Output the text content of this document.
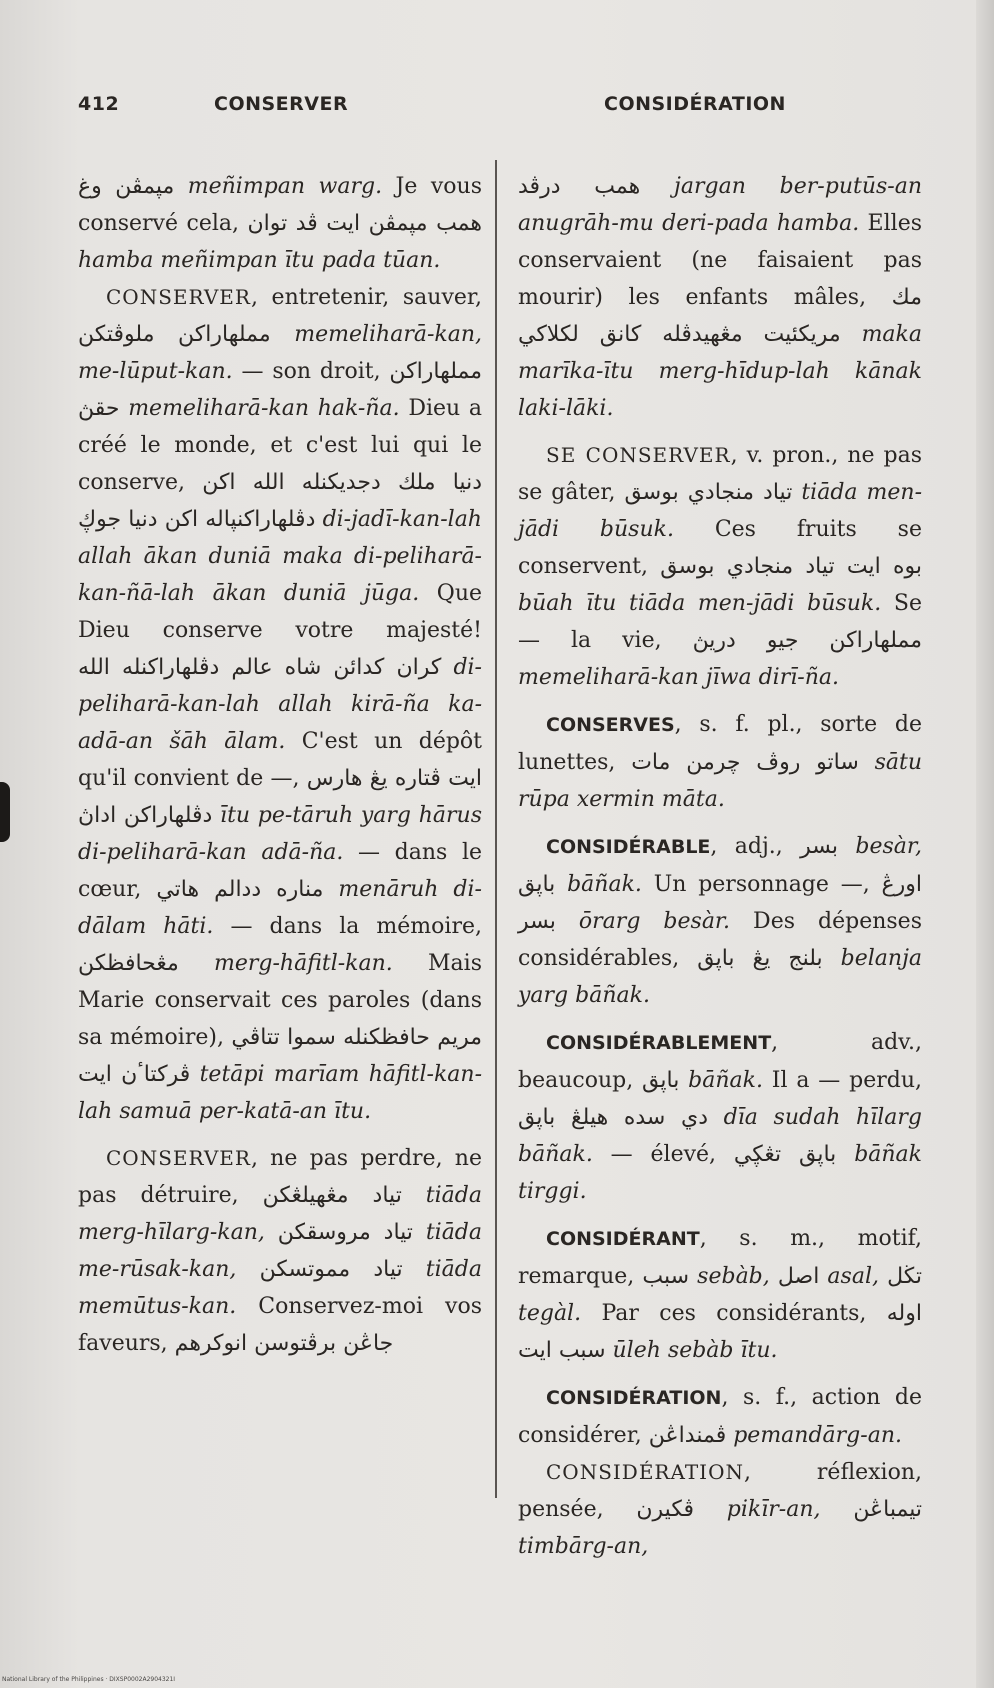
412	CONSERVER	CONSIDÉRATION

مپمڤن وغ meñimpan warg. Je vous conservé cela, همب مپمڤن ايت ڤد توان hamba meñimpan ītu pada tūan.

CONSERVER, entretenir, sauver, ملوڤتكن مملهاراكن memeliharā-kan, me-lūput-kan. — son droit, مملهاراكن حقڽ memeliharā-kan hak-ña. Dieu a créé le monde, et c'est lui qui le conserve, دجديكنله الله اكن دنيا ملك دڤلهاراكنڽاله اكن دنيا جوڮ di-jadī-kan-lah allah ākan duniā maka di-peliharā-kan-ñā-lah ākan duniā jūga. Que Dieu conserve votre majesté! دڤلهاراكنله الله كران كدائن شاه عالم di-peliharā-kan-lah allah kirā-ña ka-adā-an šāh ālam. C'est un dépôt qu'il convient de —, ايت ڤتاره يڠ هارس دڤلهاراكن اداڽ ītu pe-tāruh yarg hārus di-peliharā-kan adā-ña. — dans le cœur, مناره ددالم هاتي menāruh di-dālam hāti. — dans la mémoire, مڠحافظكن merg-hāfitl-kan. Mais Marie conservait ces paroles (dans sa mémoire), تتاڤي مريم حافظكنله سموا ڤركتاٴن ايت tetāpi marīam hāfitl-kan-lah samuā per-katā-an ītu.

CONSERVER, ne pas perdre, ne pas détruire, تياد مڠهيلڠكن tiāda merg-hīlarg-kan, تياد مروسقكن tiāda me-rūsak-kan, تياد مموتسكن tiāda memūtus-kan. Conservez-moi vos faveurs, جاڠن برڤتوسن انوكرهم

همب درڤد jargan ber-putūs-an anugrāh-mu deri-pada hamba. Elles conservaient (ne faisaient pas mourir) les enfants mâles, مك مريكئيت مڠهيدڤله كانق لكلاكي maka marīka-ītu merg-hīdup-lah kānak laki-lāki.

SE CONSERVER, v. pron., ne pas se gâter, تياد منجادي بوسق tiāda men-jādi būsuk. Ces fruits se conservent, بوه ايت تياد منجادي بوسق būah ītu tiāda men-jādi būsuk. Se — la vie, مملهاراكن جيو دريڽ memeliharā-kan jīwa dirī-ña.

CONSERVES, s. f. pl., sorte de lunettes, ساتو روڤ چرمن مات sātu rūpa xermin māta.

CONSIDÉRABLE, adj., بسر besàr, باڽق bāñak. Un personnage —, اورڠ بسر ōrarg besàr. Des dépenses considérables, بلنج يڠ باڽق belanja yarg bāñak.

CONSIDÉRABLEMENT, adv., beaucoup, باڽق bāñak. Il a — perdu, دي سده هيلڠ باڽق dīa sudah hīlarg bāñak. — élevé, باڽق تڠڮي bāñak tirggi.

CONSIDÉRANT, s. m., motif, remarque, سبب sebàb, اصل asal, تڬل tegàl. Par ces considérants, اوله سبب ايت ūleh sebàb ītu.

CONSIDÉRATION, s. f., action de considérer, ڤمنداڠن pemandārg-an.

CONSIDÉRATION, réflexion, pensée, ڤكيرن pikīr-an, تيمباڠن timbārg-an,

National Library of the Philippines · DIXSP0002A2904321I
